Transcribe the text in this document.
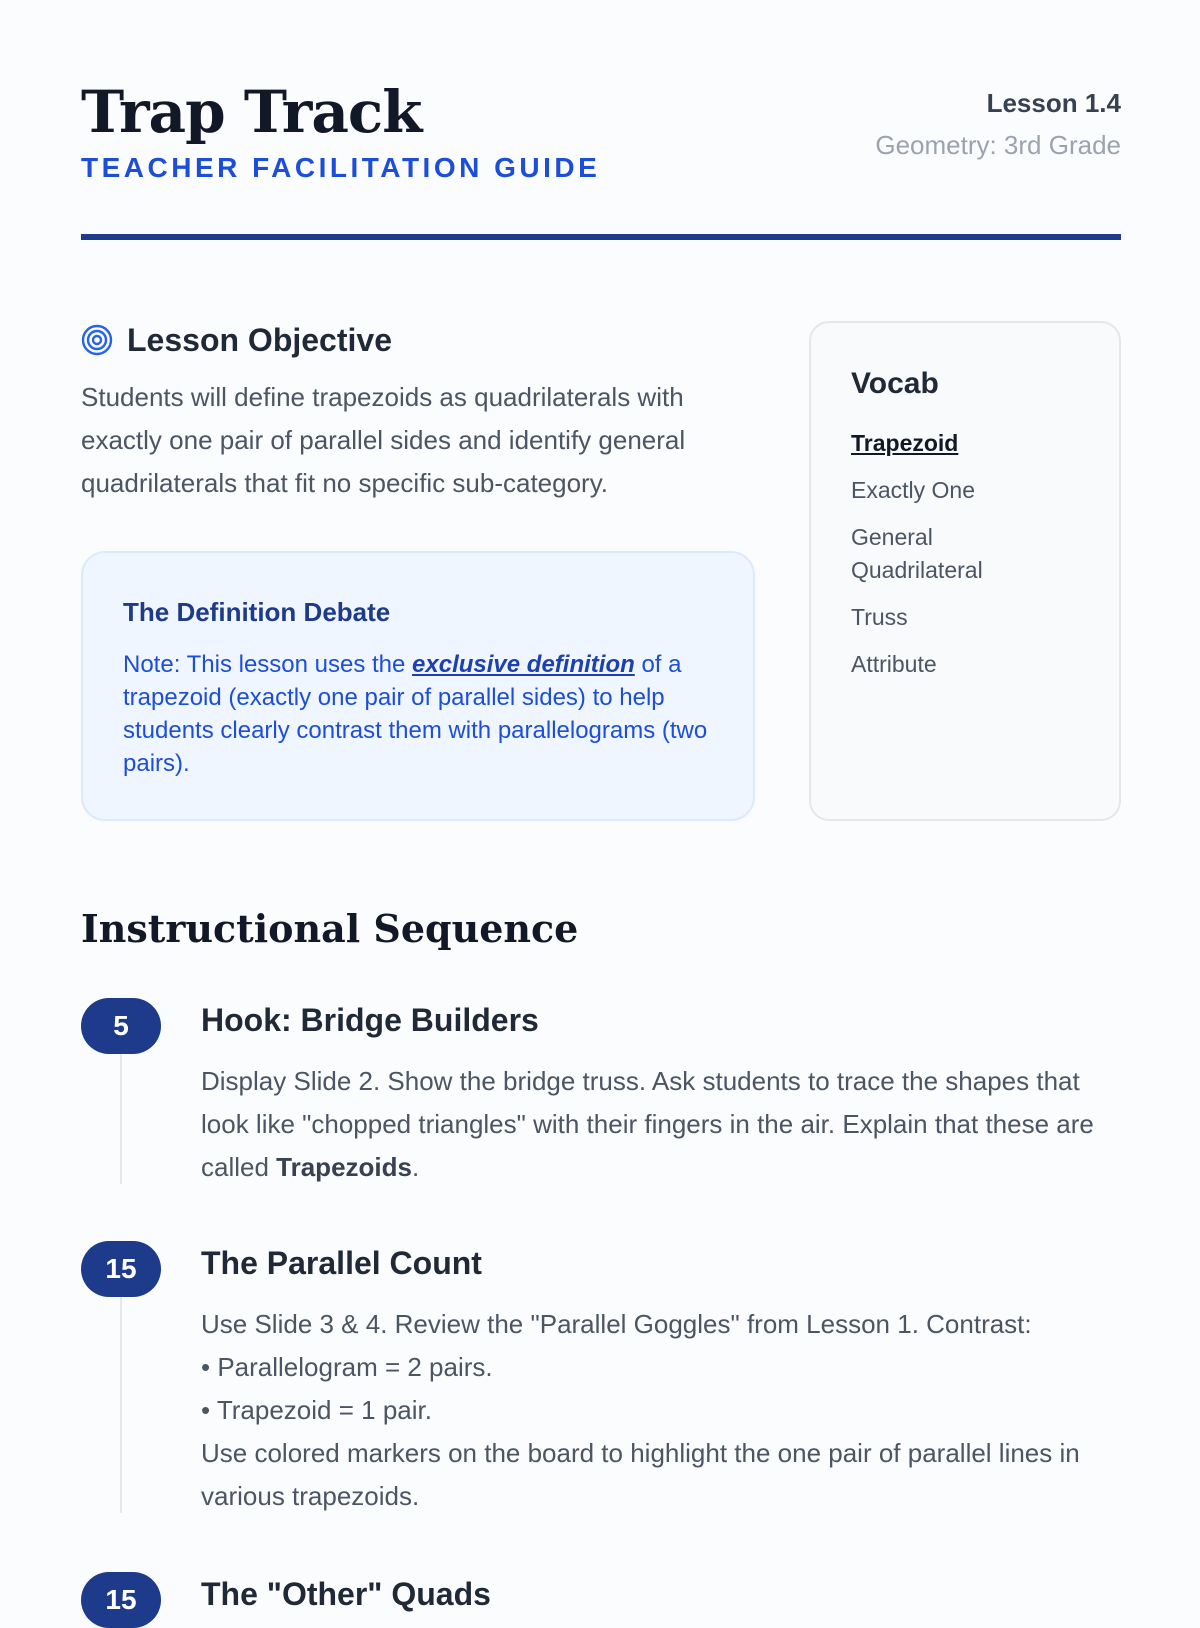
Trap Track
TEACHER FACILITATION GUIDE
Lesson 1.4
Geometry: 3rd Grade
Lesson Objective
Students will define trapezoids as quadrilaterals with exactly one pair of parallel sides and identify general quadrilaterals that fit no specific sub-category.
The Definition Debate
Note: This lesson uses the exclusive definition of a trapezoid (exactly one pair of parallel sides) to help students clearly contrast them with parallelograms (two pairs).
Vocab
Trapezoid
Exactly One
General Quadrilateral
Truss
Attribute
Instructional Sequence
5	Hook: Bridge Builders
Display Slide 2. Show the bridge truss. Ask students to trace the shapes that look like "chopped triangles" with their fingers in the air. Explain that these are called Trapezoids.
15	The Parallel Count
Use Slide 3 & 4. Review the "Parallel Goggles" from Lesson 1. Contrast:
• Parallelogram = 2 pairs.
• Trapezoid = 1 pair.
Use colored markers on the board to highlight the one pair of parallel lines in various trapezoids.
15	The "Other" Quads
